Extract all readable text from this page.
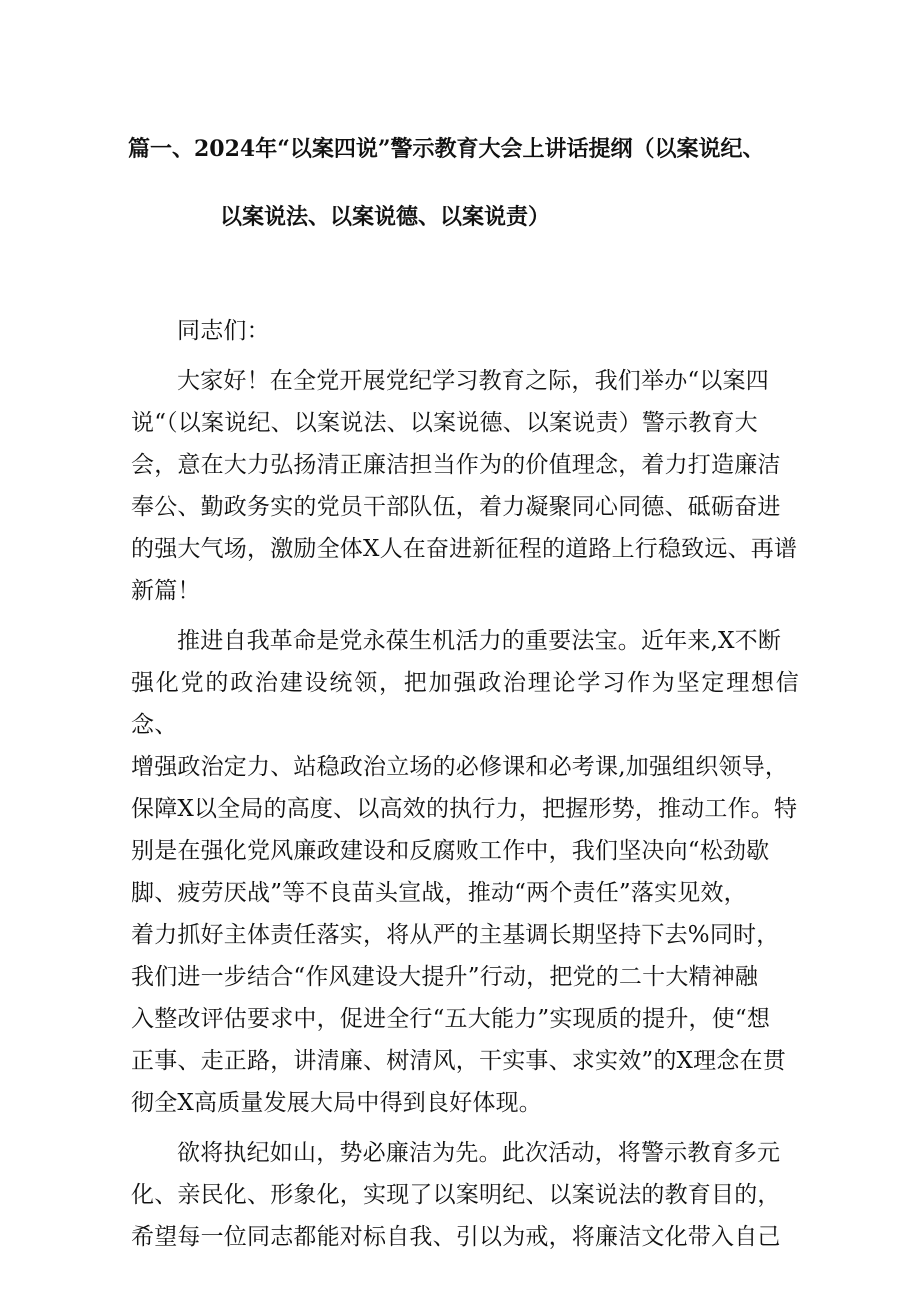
篇一、2024年“以案四说”警示教育大会上讲话提纲（以案说纪、
以案说法、以案说德、以案说责）
同志们：
大家好！在全党开展党纪学习教育之际，我们举办“以案四
说“（以案说纪、以案说法、以案说德、以案说责）警示教育大
会，意在大力弘扬清正廉洁担当作为的价值理念，着力打造廉洁
奉公、勤政务实的党员干部队伍，着力凝聚同心同德、砥砺奋进
的强大气场，激励全体X人在奋进新征程的道路上行稳致远、再谱
新篇！
推进自我革命是党永葆生机活力的重要法宝。近年来,X不断
强化党的政治建设统领，把加强政治理论学习作为坚定理想信念、
增强政治定力、站稳政治立场的必修课和必考课,加强组织领导，
保障X以全局的高度、以高效的执行力，把握形势，推动工作。特
别是在强化党风廉政建设和反腐败工作中，我们坚决向“松劲歇
脚、疲劳厌战”等不良苗头宣战，推动“两个责任”落实见效，
着力抓好主体责任落实，将从严的主基调长期坚持下去%同时，
我们进一步结合“作风建设大提升”行动，把党的二十大精神融
入整改评估要求中，促进全行“五大能力”实现质的提升，使“想
正事、走正路，讲清廉、树清风，干实事、求实效”的X理念在贯
彻全X高质量发展大局中得到良好体现。
欲将执纪如山，势必廉洁为先。此次活动，将警示教育多元
化、亲民化、形象化，实现了以案明纪、以案说法的教育目的，
希望每一位同志都能对标自我、引以为戒，将廉洁文化带入自己
